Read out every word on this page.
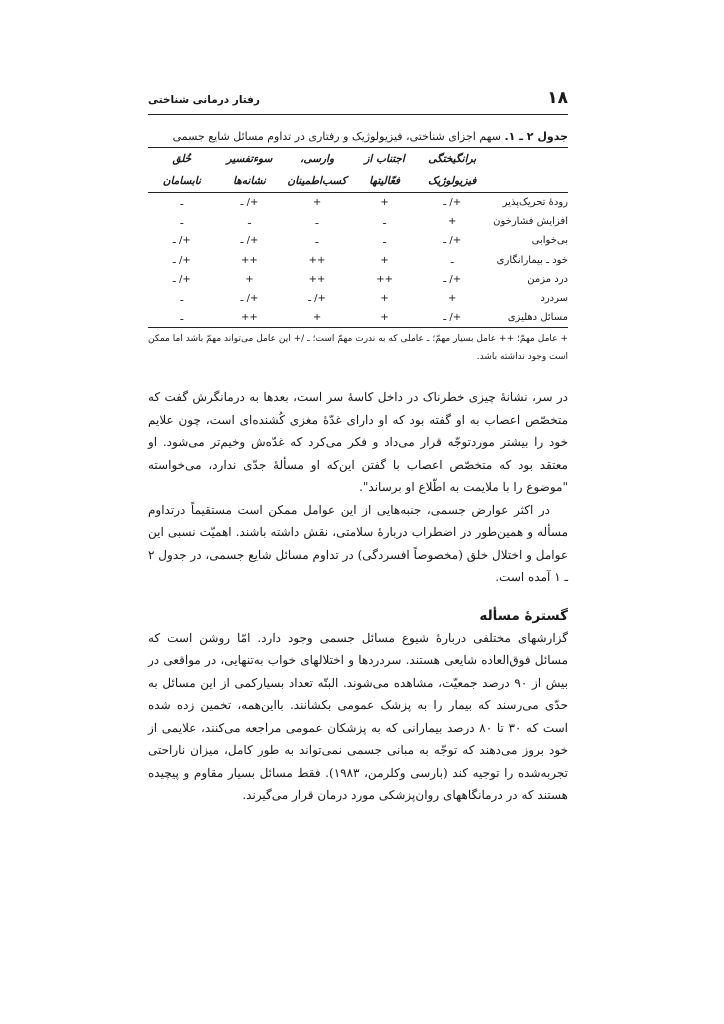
۱۸
رفتار درمانی شناختی
جدول ۲ ـ ۱. سهم اجزای شناختی، فیزیولوژیک و رفتاری در تداوم مسائل شایع جسمی
	برانگیختگی	اجتناب از	وارسی،	سوءتفسیر	خُلق
	فیزیولوژیک	فعّالیتها	کسب‌اطمینان	نشانه‌ها	نابسامان
رودهٔ تحریک‌پذیر	+/ ـ	+	+	+/ ـ	ـ
افزایش فشارخون	+	ـ	ـ	ـ	ـ
بی‌خوابی	+/ ـ	ـ	ـ	+/ ـ	+/ ـ
خود ـ بیمارانگاری	ـ	+	++	++	+/ ـ
درد مزمن	+/ ـ	++	++	+	+/ ـ
سردرد	+	+	+/ ـ	+/ ـ	ـ
مسائل دهلیزی	+/ ـ	+	+	++	ـ
+ عامل مهمّ؛ ++ عامل بسیار مهمّ؛ ـ عاملی که به ندرت مهمّ است؛ ـ /+ این عامل می‌تواند مهمّ باشد اما ممکن است وجود نداشته باشد.

در سر، نشانهٔ چیزی خطرناک در داخل کاسهٔ سر است، بعدها به درمانگرش گفت که متخصّص اعصاب به او گفته بود که او دارای غدّهٔ مغزی کُشنده‌ای است، چون علایم خود را بیشتر موردتوجّه قرار می‌داد و فکر می‌کرد که غدّه‌ش وخیم‌تر می‌شود. او معتقد بود که متخصّص اعصاب با گفتن این‌که او مسألهٔ جدّی ندارد، می‌خواسته "موضوع را با ملایمت به اطّلاع او برساند".

در اکثر عوارض جسمی، جنبه‌هایی از این عوامل ممکن است مستقیماً درتداوم مسأله و همین‌طور در اضطراب دربارهٔ سلامتی، نقش داشته باشند. اهمیّت نسبی این عوامل و اختلال خلق (مخصوصاً افسردگی) در تداوم مسائل شایع جسمی، در جدول ۲ ـ ۱ آمده است.

گسترهٔ مسأله

گزارشهای مختلفی دربارهٔ شیوع مسائل جسمی وجود دارد. امّا روشن است که مسائل فوق‌العاده شایعی هستند. سردردها و اختلالهای خواب به‌تنهایی، در مواقعی در بیش از ۹۰ درصد جمعیّت، مشاهده می‌شوند. البتّه تعداد بسیارکمی از این مسائل به حدّی می‌رسند که بیمار را به پزشک عمومی بکشانند. بااین‌همه، تخمین زده شده است که ۳۰ تا ۸۰ درصد بیمارانی که به پزشکان عمومی مراجعه می‌کنند، علایمی از خود بروز می‌دهند که توجّه به مبانی جسمی نمی‌تواند به طور کامل، میزان ناراحتی تجربه‌شده را توجیه کند (بارسی وکلرمن، ۱۹۸۳). فقط مسائل بسیار مقاوم و پیچیده هستند که در درمانگاههای روان‌پزشکی مورد درمان قرار می‌گیرند.
